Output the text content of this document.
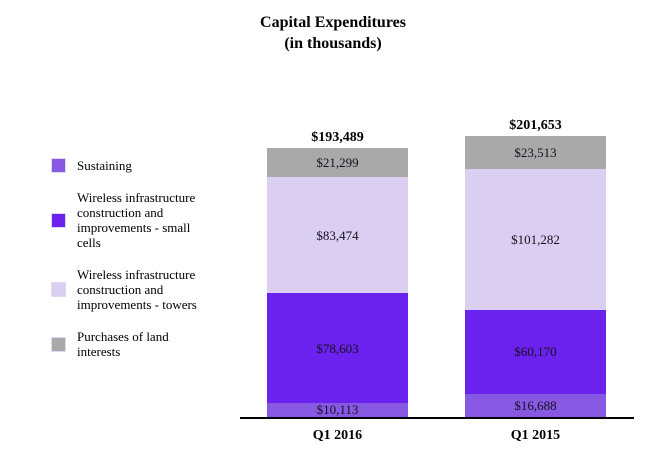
Capital Expenditures
(in thousands)
Sustaining
Wireless infrastructure construction and improvements - small cells
Wireless infrastructure construction and improvements - towers
Purchases of land interests
$193,489
$21,299
$83,474
$78,603
$10,113
$201,653
$23,513
$101,282
$60,170
$16,688
Q1 2016	Q1 2015
